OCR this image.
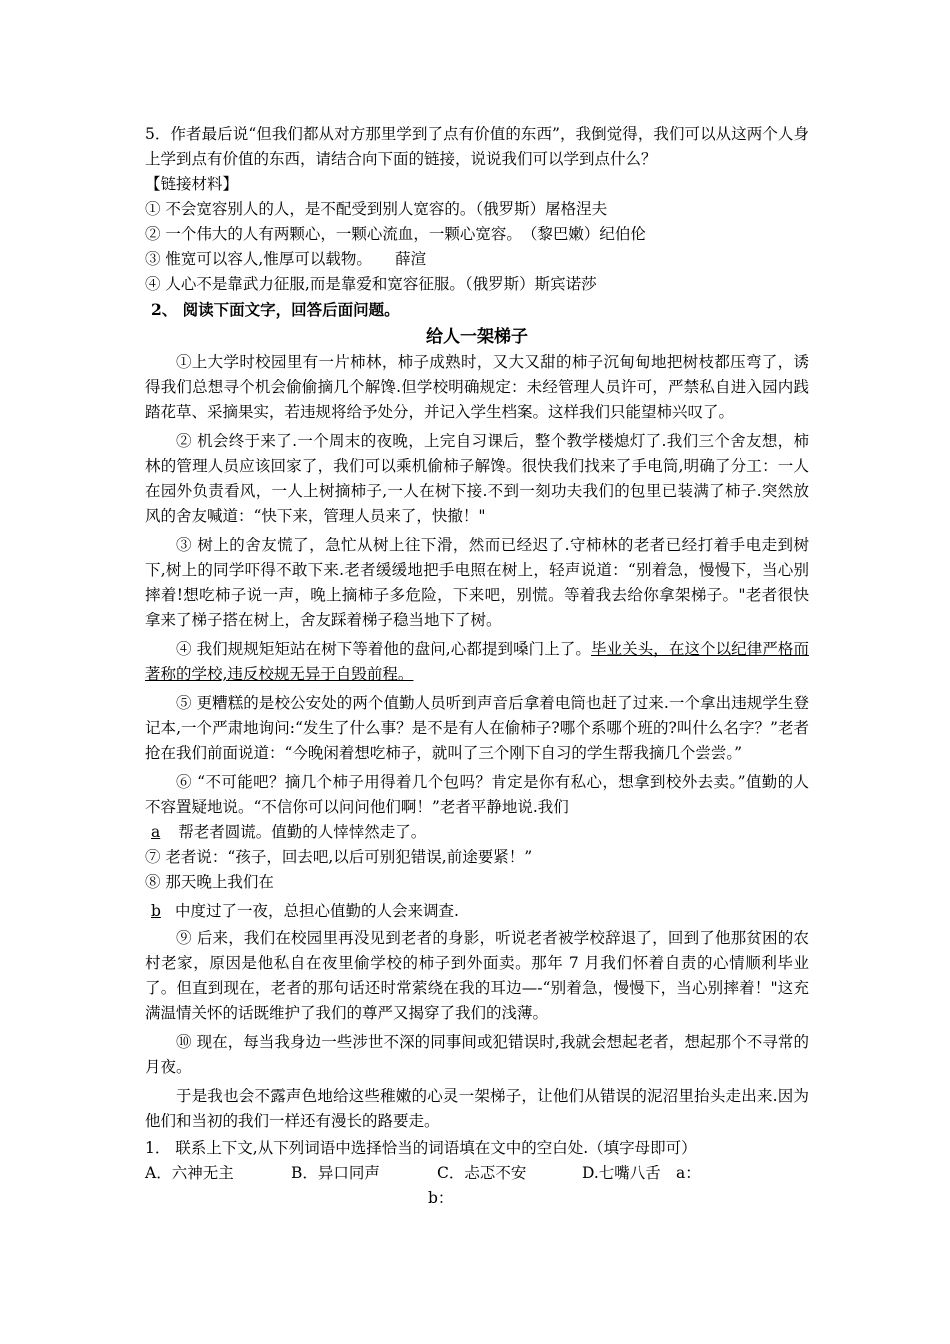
5．作者最后说“但我们都从对方那里学到了点有价值的东西”，我倒觉得，我们可以从这两个人身上学到点有价值的东西，请结合向下面的链接，说说我们可以学到点什么？

【链接材料】

① 不会宽容别人的人，是不配受到别人宽容的。（俄罗斯）屠格涅夫

② 一个伟大的人有两颗心，一颗心流血，一颗心宽容。　（黎巴嫩）纪伯伦

③ 惟宽可以容人,惟厚可以载物。　　薛渲

④ 人心不是靠武力征服,而是靠爱和宽容征服。（俄罗斯）斯宾诺莎

2、 阅读下面文字，回答后面问题。

给人一架梯子

①上大学时校园里有一片柿林，柿子成熟时，又大又甜的柿子沉甸甸地把树枝都压弯了，诱得我们总想寻个机会偷偷摘几个解馋.但学校明确规定：未经管理人员许可，严禁私自进入园内践踏花草、采摘果实，若违规将给予处分，并记入学生档案。这样我们只能望柿兴叹了。

② 机会终于来了.一个周末的夜晚，上完自习课后，整个教学楼熄灯了.我们三个舍友想，柿林的管理人员应该回家了，我们可以乘机偷柿子解馋。很快我们找来了手电筒,明确了分工：一人在园外负责看风，一人上树摘柿子,一人在树下接.不到一刻功夫我们的包里已装满了柿子.突然放风的舍友喊道：“快下来，管理人员来了，快撤！"

③ 树上的舍友慌了，急忙从树上往下滑，然而已经迟了.守柿林的老者已经打着手电走到树下,树上的同学吓得不敢下来.老者缓缓地把手电照在树上，轻声说道：“别着急，慢慢下，当心别摔着!想吃柿子说一声，晚上摘柿子多危险，下来吧，别慌。等着我去给你拿架梯子。"老者很快拿来了梯子搭在树上，舍友踩着梯子稳当地下了树。

④ 我们规规矩矩站在树下等着他的盘问,心都提到嗓门上了。毕业关头，在这个以纪律严格而著称的学校,违反校规无异于自毁前程。

⑤ 更糟糕的是校公安处的两个值勤人员听到声音后拿着电筒也赶了过来.一个拿出违规学生登记本,一个严肃地询问:“发生了什么事？是不是有人在偷柿子?哪个系哪个班的?叫什么名字？”老者抢在我们前面说道：“今晚闲着想吃柿子，就叫了三个刚下自习的学生帮我摘几个尝尝。”

⑥ “不可能吧？摘几个柿子用得着几个包吗？肯定是你有私心，想拿到校外去卖。”值勤的人不容置疑地说。“不信你可以问问他们啊！”老者平静地说.我们

a 帮老者圆谎。值勤的人悻悻然走了。

⑦ 老者说：“孩子，回去吧,以后可别犯错误,前途要紧！”

⑧ 那天晚上我们在

b 中度过了一夜，总担心值勤的人会来调查.

⑨ 后来，我们在校园里再没见到老者的身影，听说老者被学校辞退了，回到了他那贫困的农村老家，原因是他私自在夜里偷学校的柿子到外面卖。那年 7 月我们怀着自责的心情顺利毕业了。但直到现在，老者的那句话还时常萦绕在我的耳边—-“别着急，慢慢下，当心别摔着！"这充满温情关怀的话既维护了我们的尊严又揭穿了我们的浅薄。

⑩ 现在，每当我身边一些涉世不深的同事间或犯错误时,我就会想起老者，想起那个不寻常的月夜。

于是我也会不露声色地给这些稚嫩的心灵一架梯子，让他们从错误的泥沼里抬头走出来.因为他们和当初的我们一样还有漫长的路要走。

1． 联系上下文,从下列词语中选择恰当的词语填在文中的空白处.（填字母即可）

A．六神无主	B．异口同声	C．忐忑不安	D.七嘴八舌 a：

b：
